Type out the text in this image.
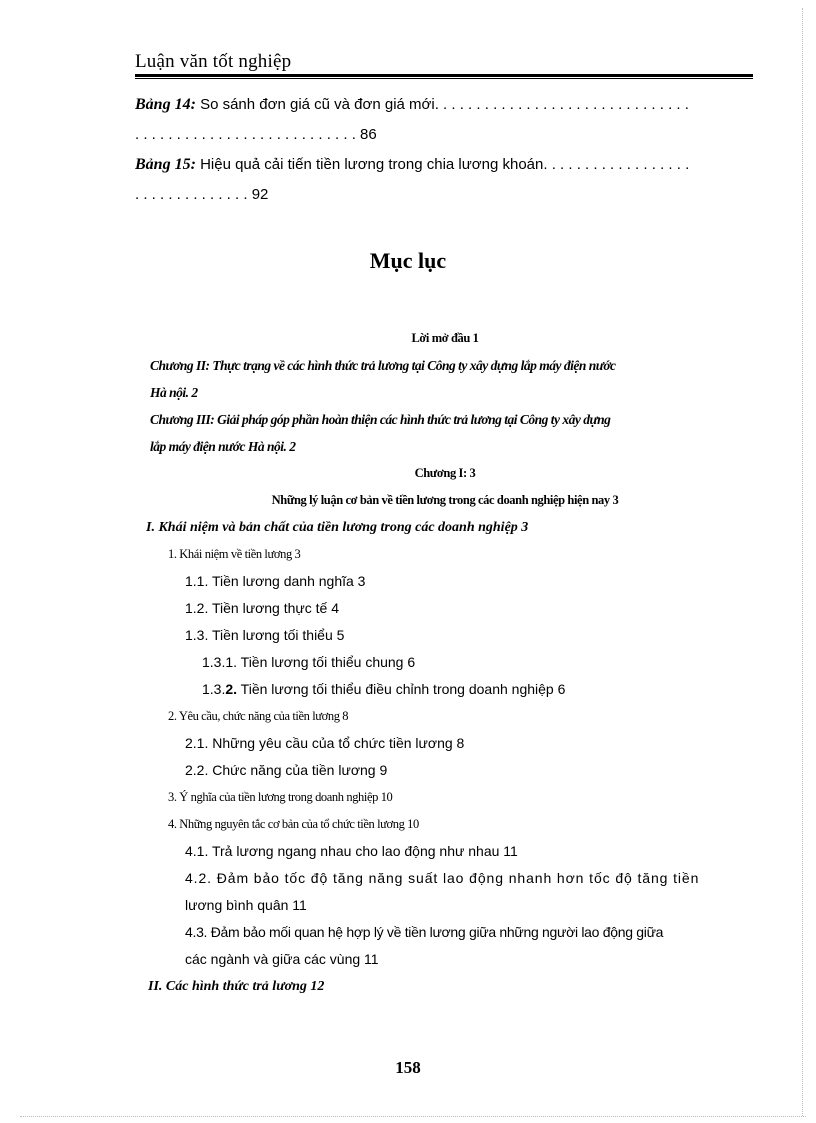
Luận văn tốt nghiệp
Bảng 14: So sánh đơn giá cũ và đơn giá mới. . . . . . . . . . . . . . . . . . . . . . . . . . . . . . .
. . . . . . . . . . . . . . . . . . . . . . . . . . . 86
Bảng 15: Hiệu quả cải tiến tiền lương trong chia lương khoán. . . . . . . . . . . . . . . . . .
. . . . . . . . . . . . . . 92
Mục lục
Lời mở đầu 1
Chương II: Thực trạng về các hình thức trả lương tại Công ty xây dựng lắp máy điện nước
Hà nội. 2
Chương III: Giải pháp góp phần hoàn thiện các hình thức trả lương tại Công ty xây dựng
lắp máy điện nước Hà nội. 2
Chương I: 3
Những lý luận cơ bản về tiền lương trong các doanh nghiệp hiện nay 3
I. Khái niệm và bản chất của tiền lương trong các doanh nghiệp 3
1. Khái niệm về tiền lương 3
1.1. Tiền lương danh nghĩa 3
1.2. Tiền lương thực tế 4
1.3. Tiền lương tối thiểu 5
1.3.1. Tiền lương tối thiểu chung 6
1.3.2. Tiền lương tối thiểu điều chỉnh trong doanh nghiệp 6
2. Yêu cầu, chức năng của tiền lương 8
2.1. Những yêu cầu của tổ chức tiền lương 8
2.2. Chức năng của tiền lương 9
3. Ý nghĩa của tiền lương trong doanh nghiệp 10
4. Những nguyên tắc cơ bản của tổ chức tiền lương 10
4.1. Trả lương ngang nhau cho lao động như nhau 11
4.2. Đảm bảo tốc độ tăng năng suất lao động nhanh hơn tốc độ tăng tiền
lương bình quân 11
4.3. Đảm bảo mối quan hệ hợp lý về tiền lương giữa những người lao động giữa
các ngành và giữa các vùng 11
II. Các hình thức trả lương 12
158
